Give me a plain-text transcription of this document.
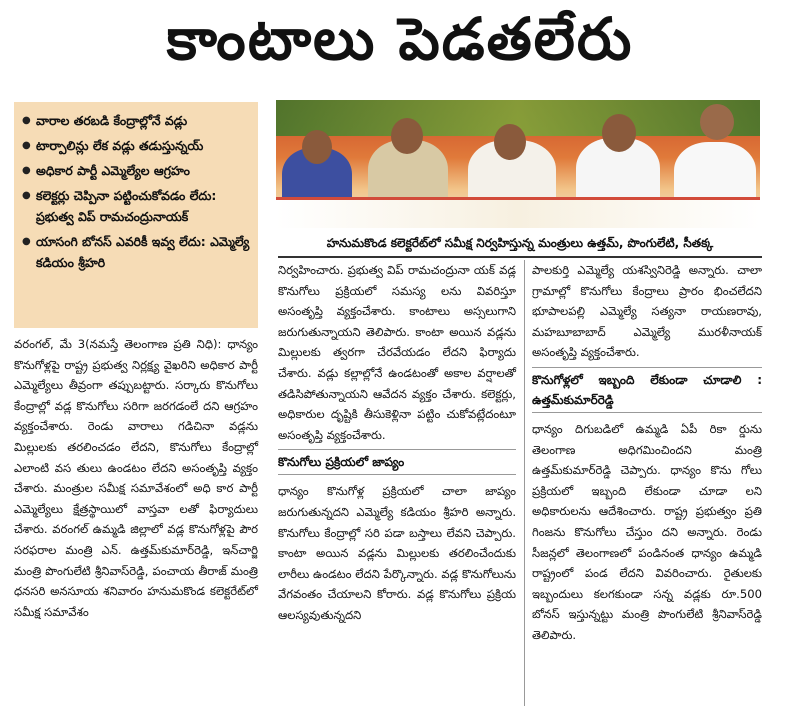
కాంటాలు పెడతలేరు
● వారాల తరబడి కేంద్రాల్లోనే వడ్లు
● టార్పాలిన్లు లేక వడ్లు తడుస్తున్నయ్
● అధికార పార్టీ ఎమ్మెల్యేల ఆగ్రహం
● కలెక్టర్లు చెప్పినా పట్టించుకోవడం లేదు: ప్రభుత్వ విప్ రామచంద్రునాయక్
● యాసంగి బోనస్ ఎవరికీ ఇవ్వ లేదు: ఎమ్మెల్యే కడియం శ్రీహరి
హనుమకొండ కలెక్టరేట్‌లో సమీక్ష నిర్వహిస్తున్న మంత్రులు ఉత్తమ్, పొంగులేటి, సీతక్క

వరంగల్, మే 3(నమస్తే తెలంగాణ ప్రతి నిధి): ధాన్యం కొనుగోళ్లపై రాష్ట్ర ప్రభుత్వ నిర్లక్ష్య వైఖరిని అధికార పార్టీ ఎమ్మెల్యేలు తీవ్రంగా తప్పుబట్టారు. సర్కారు కొనుగోలు కేంద్రాల్లో వడ్ల కొనుగోలు సరిగా జరగడంలే దని ఆగ్రహం వ్యక్తంచేశారు. రెండు వారాలు గడిచినా వడ్లను మిల్లులకు తరలించడం లేదని, కొనుగోలు కేంద్రాల్లో ఎలాంటి వస తులు ఉండటం లేదని అసంతృప్తి వ్యక్తం చేశారు. మంత్రుల సమీక్ష సమావేశంలో అధి కార పార్టీ ఎమ్మెల్యేలు క్షేత్రస్థాయిలో వాస్తవా లతో ఫిర్యాదులు చేశారు. వరంగల్ ఉమ్మడి జిల్లాలో వడ్ల కొనుగోళ్లపై పౌర సరఫరాల మంత్రి ఎన్. ఉత్తమ్‌కుమార్‌రెడ్డి, ఇన్‌చార్జి మంత్రి పొంగులేటి శ్రీనివాస్‌రెడ్డి, పంచాయ తీరాజ్ మంత్రి ధనసరి అనసూయ శనివారం హనుమకొండ కలెక్టరేట్‌లో సమీక్ష సమావేశం

నిర్వహించారు. ప్రభుత్వ విప్ రామచంద్రునా యక్ వడ్ల కొనుగోలు ప్రక్రియలో సమస్య లను వివరిస్తూ అసంతృప్తి వ్యక్తంచేశారు. కాంటాలు అస్సలుగాని జరుగుతున్నాయని తెలిపారు. కాంటా అయిన వడ్లను మిల్లులకు త్వరగా చేరవేయడం లేదని ఫిర్యాదు చేశారు. వడ్లు కల్లాల్లోనే ఉండటంతో అకాల వర్షాలతో తడిసిపోతున్నాయని ఆవేదన వ్యక్తం చేశారు. కలెక్టర్లు, అధికారుల దృష్టికి తీసుకెళ్లినా పట్టిం చుకోవట్లేదంటూ అసంతృప్తి వ్యక్తంచేశారు.

కొనుగోలు ప్రక్రియలో జాప్యం

ధాన్యం కొనుగోళ్ల ప్రక్రియలో చాలా జాప్యం జరుగుతున్నదని ఎమ్మెల్యే కడియం శ్రీహరి అన్నారు. కొనుగోలు కేంద్రాల్లో సరి పడా బస్తాలు లేవని చెప్పారు. కాంటా అయిన వడ్లను మిల్లులకు తరలించేందుకు లారీలు ఉండటం లేదని పేర్కొన్నారు. వడ్ల కొనుగోలును వేగవంతం చేయాలని కోరారు. వడ్ల కొనుగోలు ప్రక్రియ ఆలస్యవుతున్నదని

పాలకుర్తి ఎమ్మెల్యే యశస్వినిరెడ్డి అన్నారు. చాలా గ్రామాల్లో కొనుగోలు కేంద్రాలు ప్రారం భించలేదని భూపాలపల్లి ఎమ్మెల్యే సత్యనా రాయణరావు, మహబూబాబాద్ ఎమ్మెల్యే మురళీనాయక్ అసంతృప్తి వ్యక్తంచేశారు.

కొనుగోళ్లలో ఇబ్బంది లేకుండా చూడాలి : ఉత్తమ్‌కుమార్‌రెడ్డి

ధాన్యం దిగుబడిలో ఉమ్మడి ఏపీ రికా ర్డును తెలంగాణ అధిగమించిందని మంత్రి ఉత్తమ్‌కుమార్‌రెడ్డి చెప్పారు. ధాన్యం కొను గోలు ప్రక్రియలో ఇబ్బంది లేకుండా చూడా లని అధికారులను ఆదేశించారు. రాష్ట్ర ప్రభుత్వం ప్రతి గింజను కొనుగోలు చేస్తుం దని అన్నారు. రెండు సీజన్లలో తెలంగాణలో పండినంత ధాన్యం ఉమ్మడి రాష్ట్రంలో పండ లేదని వివరించారు. రైతులకు ఇబ్బందులు కలగకుండా సన్న వడ్లకు రూ.500 బోనస్ ఇస్తున్నట్టు మంత్రి పొంగులేటి శ్రీనివాస్‌రెడ్డి తెలిపారు.
